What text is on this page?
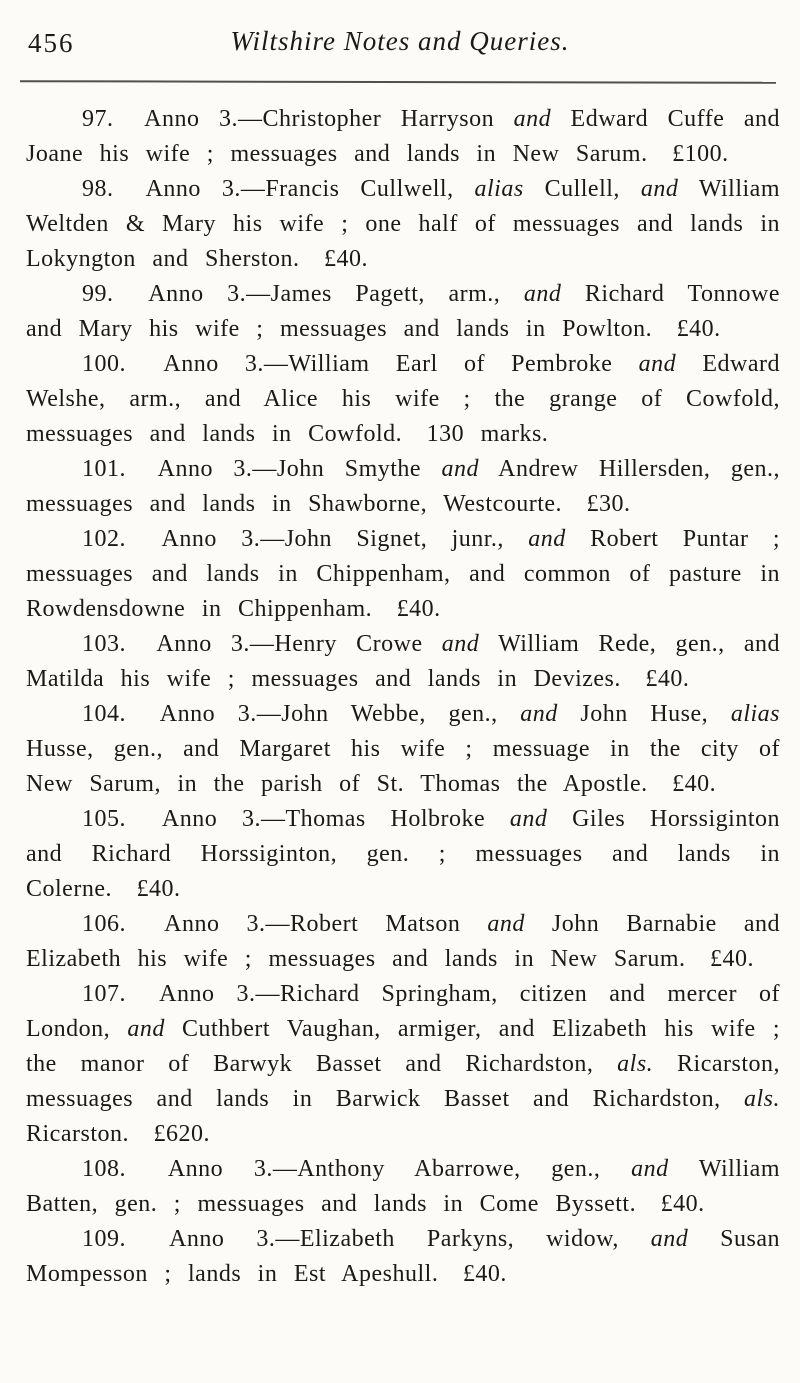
456	Wiltshire Notes and Queries.

97.  Anno 3.—Christopher Harryson and Edward Cuffe and Joane his wife ; messuages and lands in New Sarum. £100.

98.  Anno 3.—Francis Cullwell, alias Cullell, and William Weltden & Mary his wife ; one half of messuages and lands in Lokyngton and Sherston. £40.

99.  Anno 3.—James Pagett, arm., and Richard Tonnowe and Mary his wife ; messuages and lands in Powlton. £40.

100.  Anno 3.—William Earl of Pembroke and Edward Welshe, arm., and Alice his wife ; the grange of Cowfold, messuages and lands in Cowfold. 130 marks.

101.  Anno 3.—John Smythe and Andrew Hillersden, gen., messuages and lands in Shawborne, Westcourte. £30.

102.  Anno 3.—John Signet, junr., and Robert Puntar ; messuages and lands in Chippenham, and common of pasture in Rowdensdowne in Chippenham. £40.

103.  Anno 3.—Henry Crowe and William Rede, gen., and Matilda his wife ; messuages and lands in Devizes. £40.

104.  Anno 3.—John Webbe, gen., and John Huse, alias Husse, gen., and Margaret his wife ; messuage in the city of New Sarum, in the parish of St. Thomas the Apostle. £40.

105.  Anno 3.—Thomas Holbroke and Giles Horssiginton and Richard Horssiginton, gen. ; messuages and lands in Colerne. £40.

106.  Anno 3.—Robert Matson and John Barnabie and Elizabeth his wife ; messuages and lands in New Sarum. £40.

107.  Anno 3.—Richard Springham, citizen and mercer of London, and Cuthbert Vaughan, armiger, and Elizabeth his wife ; the manor of Barwyk Basset and Richardston, als. Ricarston, messuages and lands in Barwick Basset and Richardston, als. Ricarston. £620.

108.  Anno 3.—Anthony Abarrowe, gen., and William Batten, gen. ; messuages and lands in Come Byssett. £40.

109.  Anno 3.—Elizabeth Parkyns, widow, and Susan Mompesson ; lands in Est Apeshull. £40.
